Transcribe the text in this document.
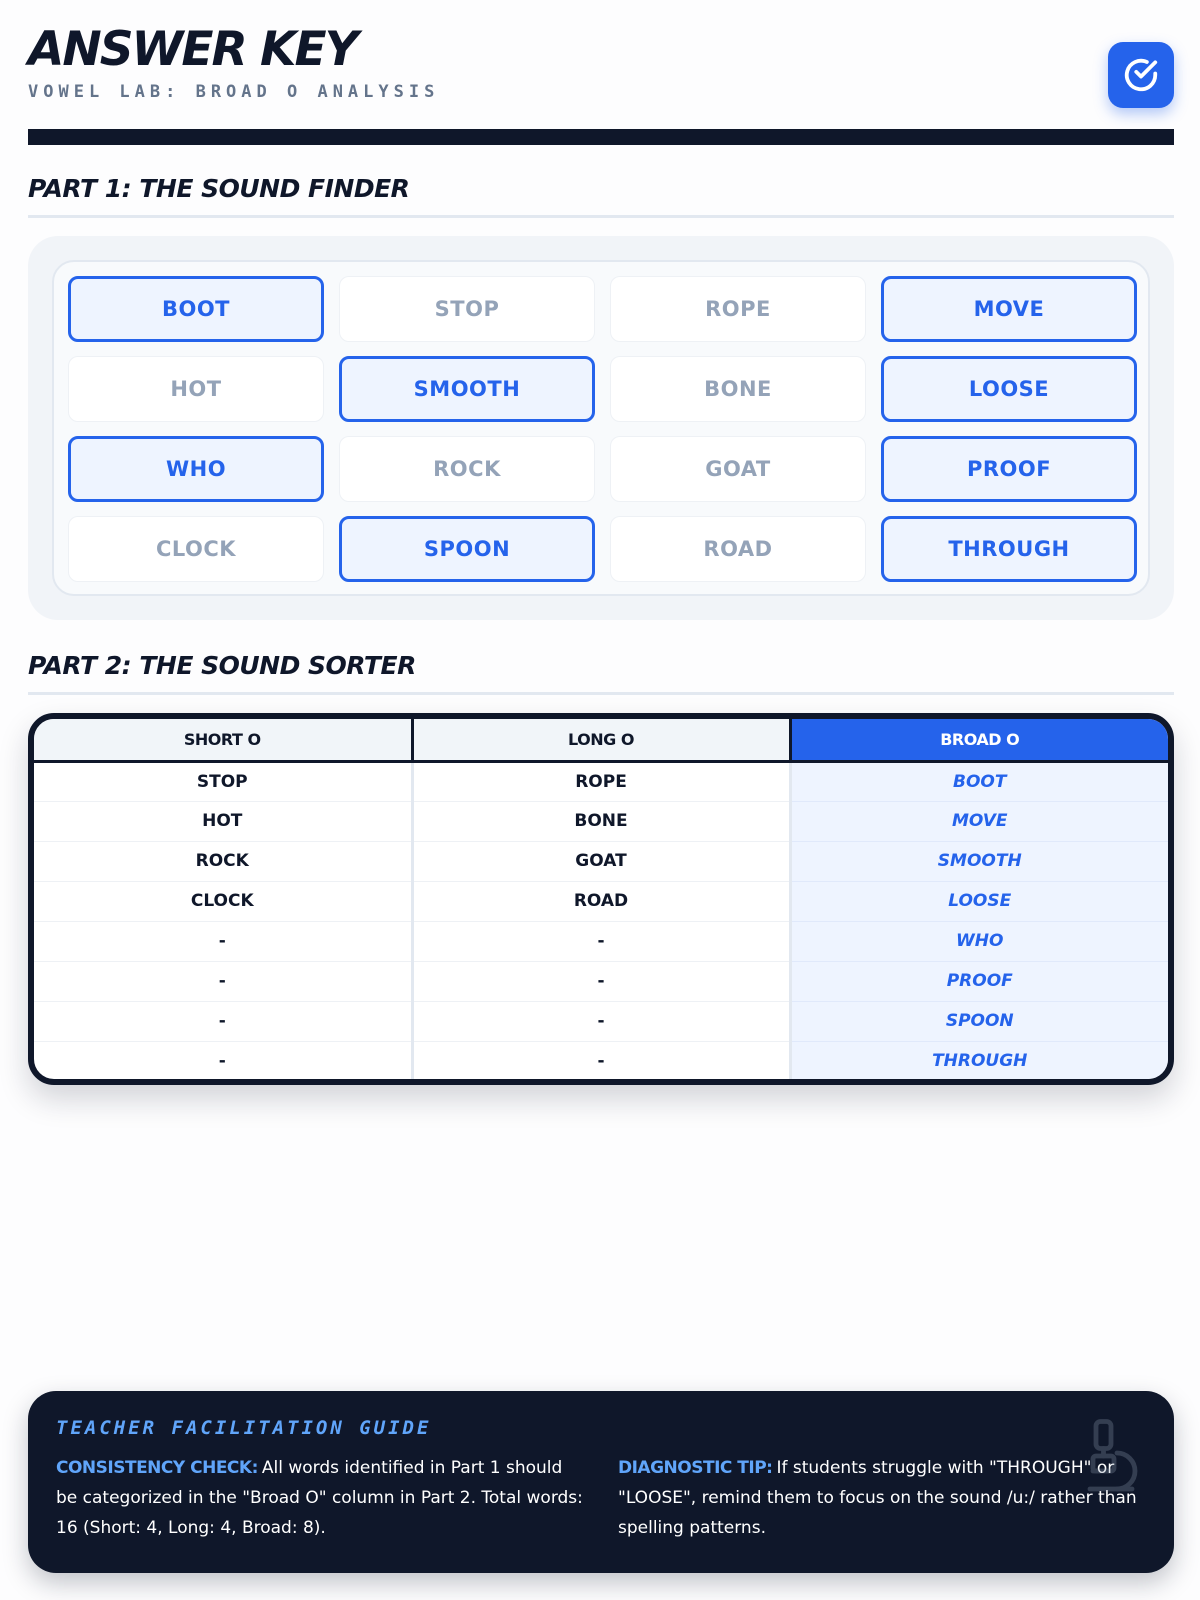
ANSWER KEY
VOWEL LAB: BROAD O ANALYSIS
PART 1: THE SOUND FINDER
BOOT	STOP	ROPE	MOVE
HOT	SMOOTH	BONE	LOOSE
WHO	ROCK	GOAT	PROOF
CLOCK	SPOON	ROAD	THROUGH
PART 2: THE SOUND SORTER
SHORT O	LONG O	BROAD O
STOP	ROPE	BOOT
HOT	BONE	MOVE
ROCK	GOAT	SMOOTH
CLOCK	ROAD	LOOSE
-	-	WHO
-	-	PROOF
-	-	SPOON
-	-	THROUGH
TEACHER FACILITATION GUIDE
CONSISTENCY CHECK: All words identified in Part 1 should be categorized in the "Broad O" column in Part 2. Total words: 16 (Short: 4, Long: 4, Broad: 8).
DIAGNOSTIC TIP: If students struggle with "THROUGH" or "LOOSE", remind them to focus on the sound /u:/ rather than spelling patterns.
